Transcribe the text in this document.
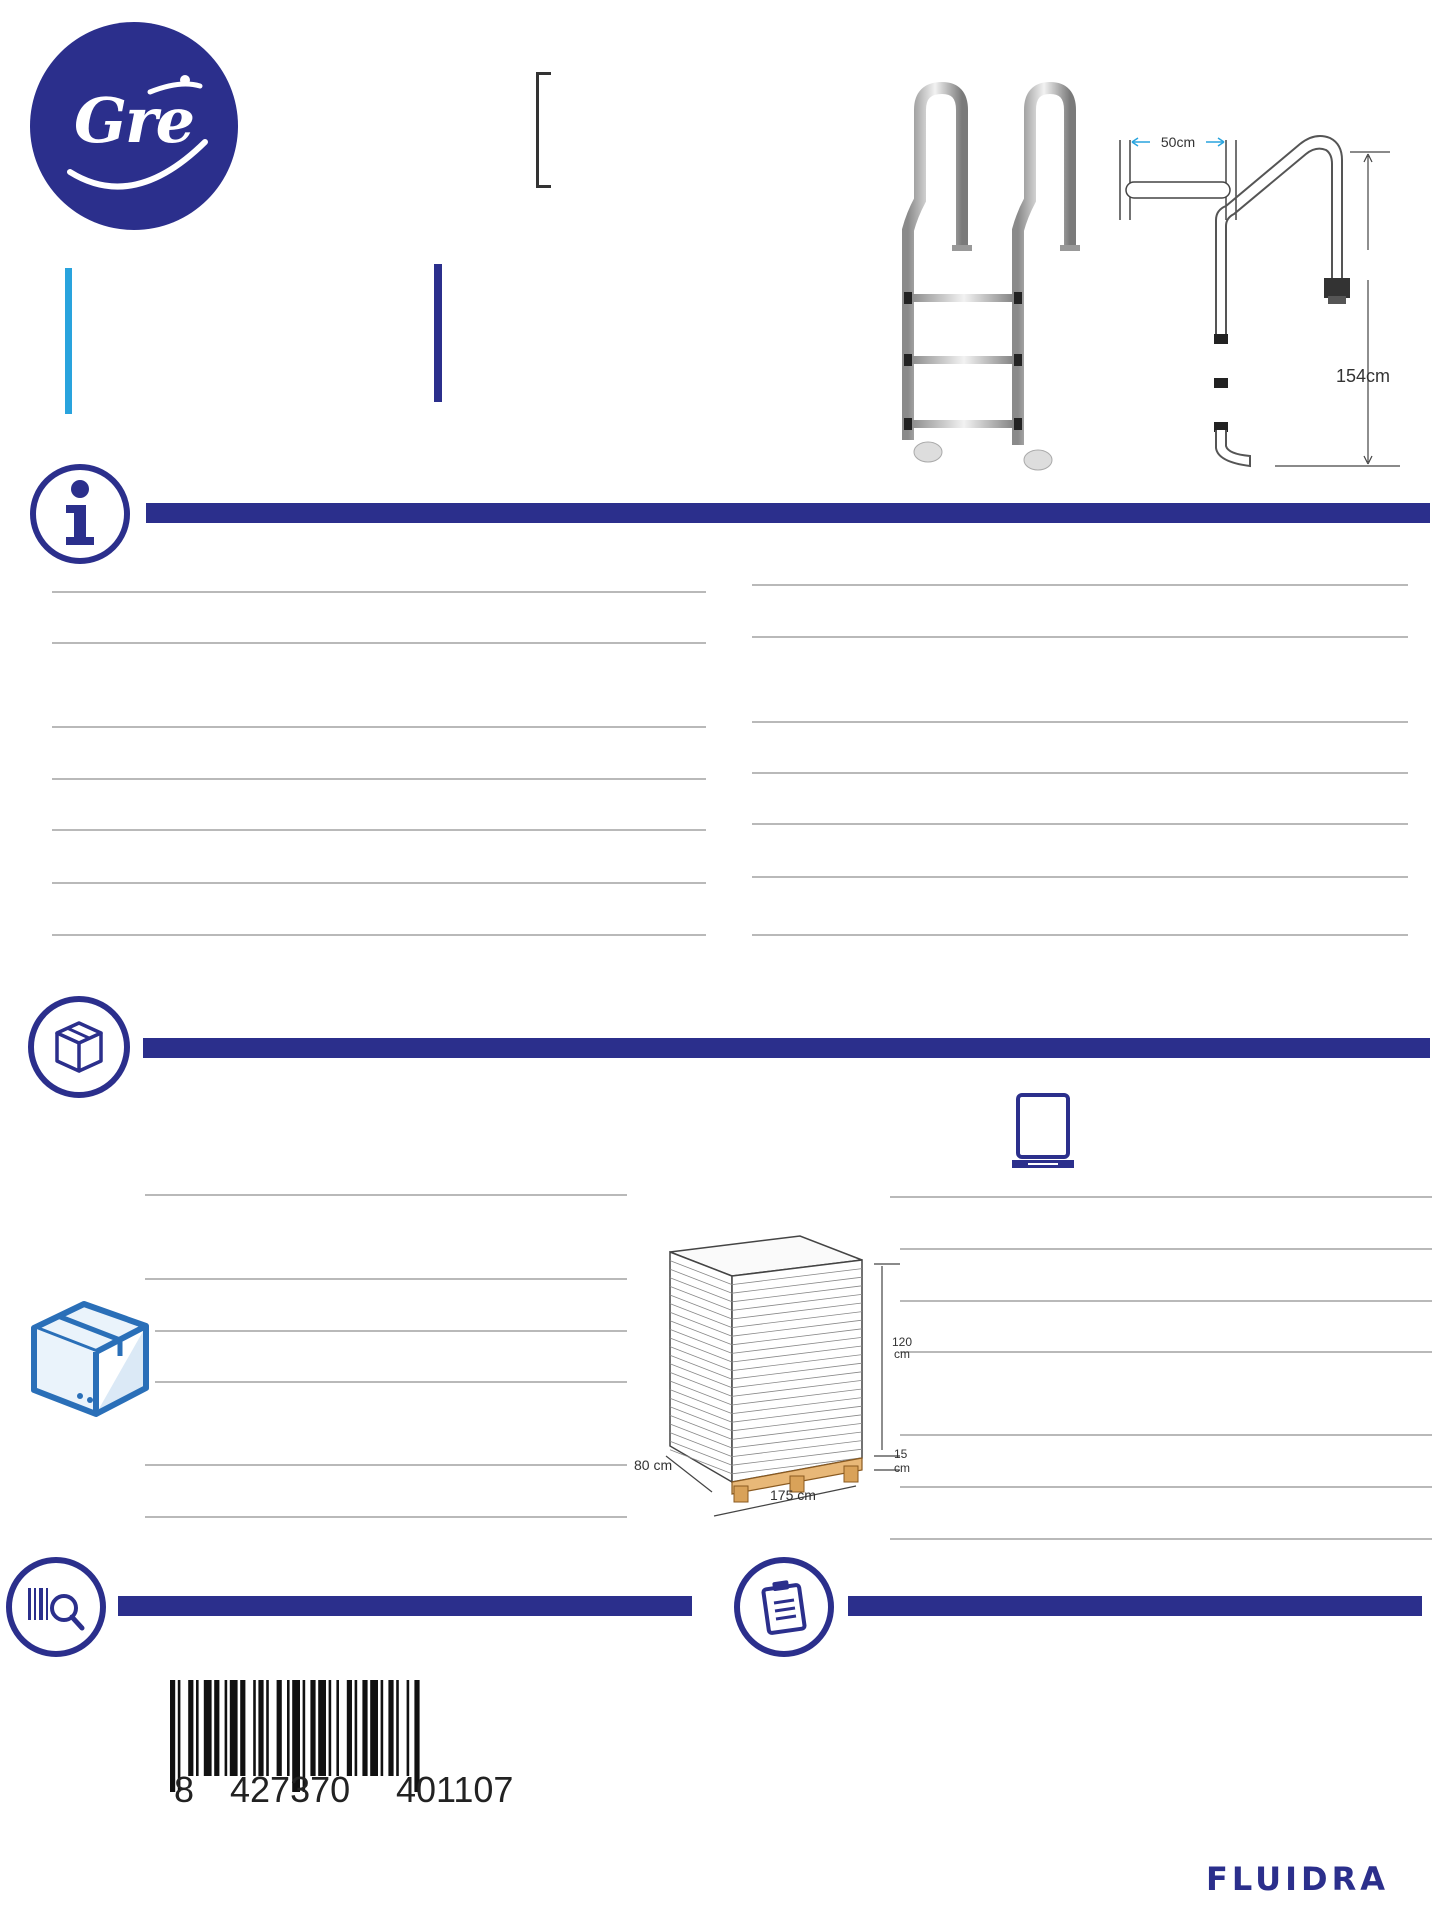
Gre	50cm
154cm
120
cm
15
cm
80 cm
175 cm
8 427370 401107
FLUIDRA
